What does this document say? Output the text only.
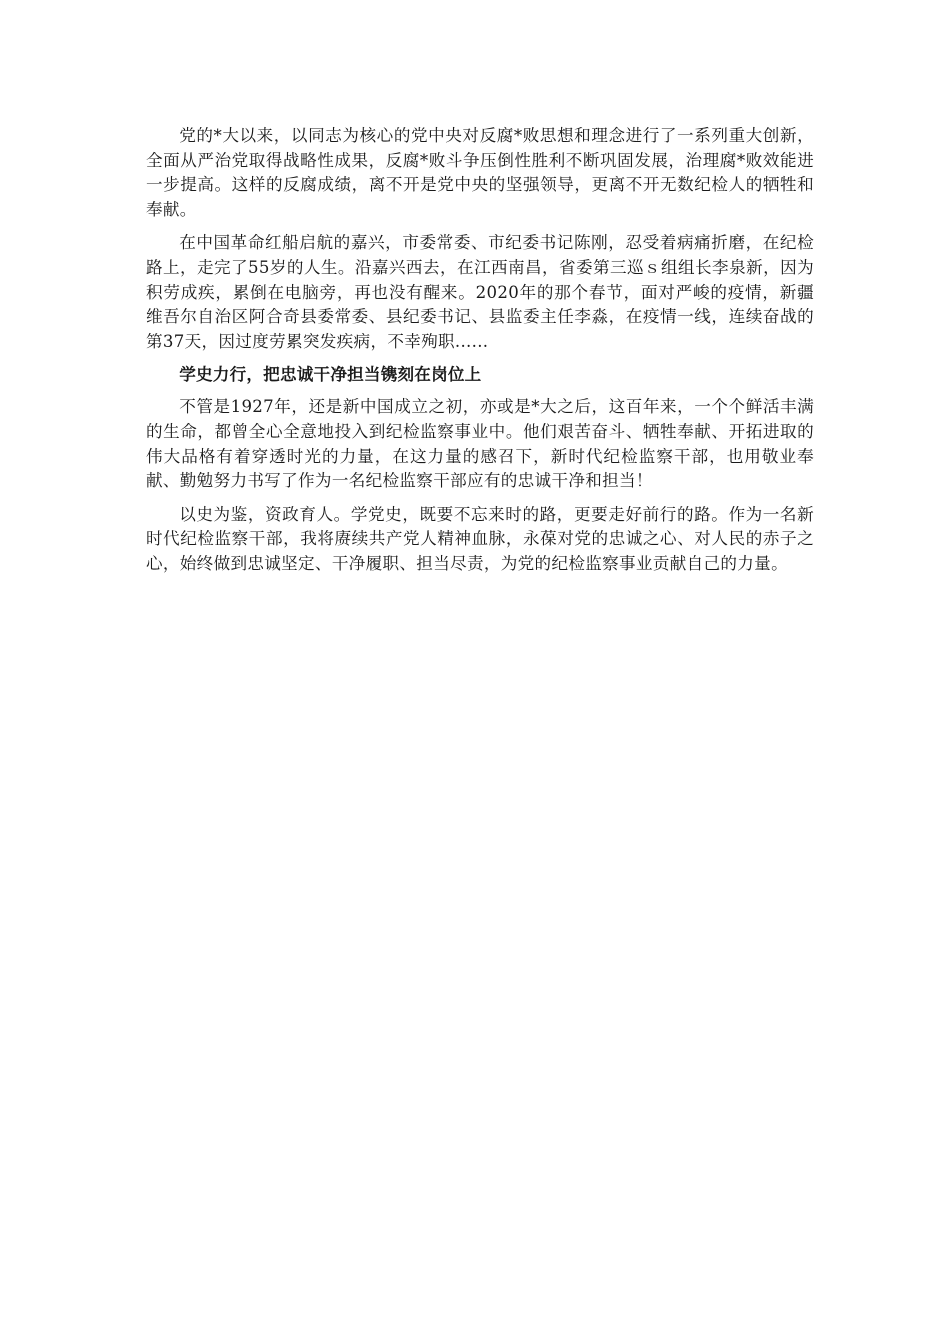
党的*大以来，以同志为核心的党中央对反腐*败思想和理念进行了一系列重大创新，全面从严治党取得战略性成果，反腐*败斗争压倒性胜利不断巩固发展，治理腐*败效能进一步提高。这样的反腐成绩，离不开是党中央的坚强领导，更离不开无数纪检人的牺牲和奉献。

在中国革命红船启航的嘉兴，市委常委、市纪委书记陈刚，忍受着病痛折磨，在纪检路上，走完了55岁的人生。沿嘉兴西去，在江西南昌，省委第三巡ｓ组组长李泉新，因为积劳成疾，累倒在电脑旁，再也没有醒来。2020年的那个春节，面对严峻的疫情，新疆维吾尔自治区阿合奇县委常委、县纪委书记、县监委主任李淼，在疫情一线，连续奋战的第37天，因过度劳累突发疾病，不幸殉职......

学史力行，把忠诚干净担当镌刻在岗位上

不管是1927年，还是新中国成立之初，亦或是*大之后，这百年来，一个个鲜活丰满的生命，都曾全心全意地投入到纪检监察事业中。他们艰苦奋斗、牺牲奉献、开拓进取的伟大品格有着穿透时光的力量，在这力量的感召下，新时代纪检监察干部，也用敬业奉献、勤勉努力书写了作为一名纪检监察干部应有的忠诚干净和担当！

以史为鉴，资政育人。学党史，既要不忘来时的路，更要走好前行的路。作为一名新时代纪检监察干部，我将赓续共产党人精神血脉，永葆对党的忠诚之心、对人民的赤子之心，始终做到忠诚坚定、干净履职、担当尽责，为党的纪检监察事业贡献自己的力量。
